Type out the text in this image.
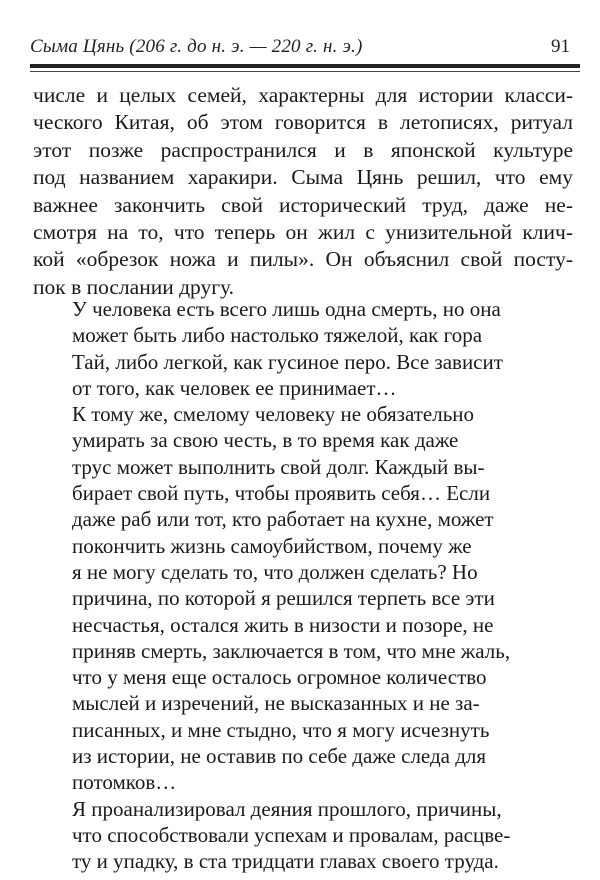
Сыма Цянь (206 г. до н. э. — 220 г. н. э.)	91
чиcле и целых семей, характерны для истории класси-
ческого Китая, об этом говорится в летописях, ритуал
этот позже распространился и в японской культуре
под названием харакири. Сыма Цянь решил, что ему
важнее закончить свой исторический труд, даже не-
смотря на то, что теперь он жил с унизительной клич-
кой «обрезок ножа и пилы». Он объяснил свой посту-
пок в послании другу.
У человека есть всего лишь одна смерть, но она
может быть либо настолько тяжелой, как гора
Тай, либо легкой, как гусиное перо. Все зависит
от того, как человек ее принимает…
К тому же, смелому человеку не обязательно
умирать за свою честь, в то время как даже
трус может выполнить свой долг. Каждый вы-
бирает свой путь, чтобы проявить себя… Если
даже раб или тот, кто работает на кухне, может
покончить жизнь самоубийством, почему же
я не могу сделать то, что должен сделать? Но
причина, по которой я решился терпеть все эти
несчастья, остался жить в низости и позоре, не
приняв смерть, заключается в том, что мне жаль,
что у меня еще осталось огромное количество
мыслей и изречений, не высказанных и не за-
писанных, и мне стыдно, что я могу исчезнуть
из истории, не оставив по себе даже следа для
потомков…
Я проанализировал деяния прошлого, причины,
что способствовали успехам и провалам, расцве-
ту и упадку, в ста тридцати главах своего труда.
